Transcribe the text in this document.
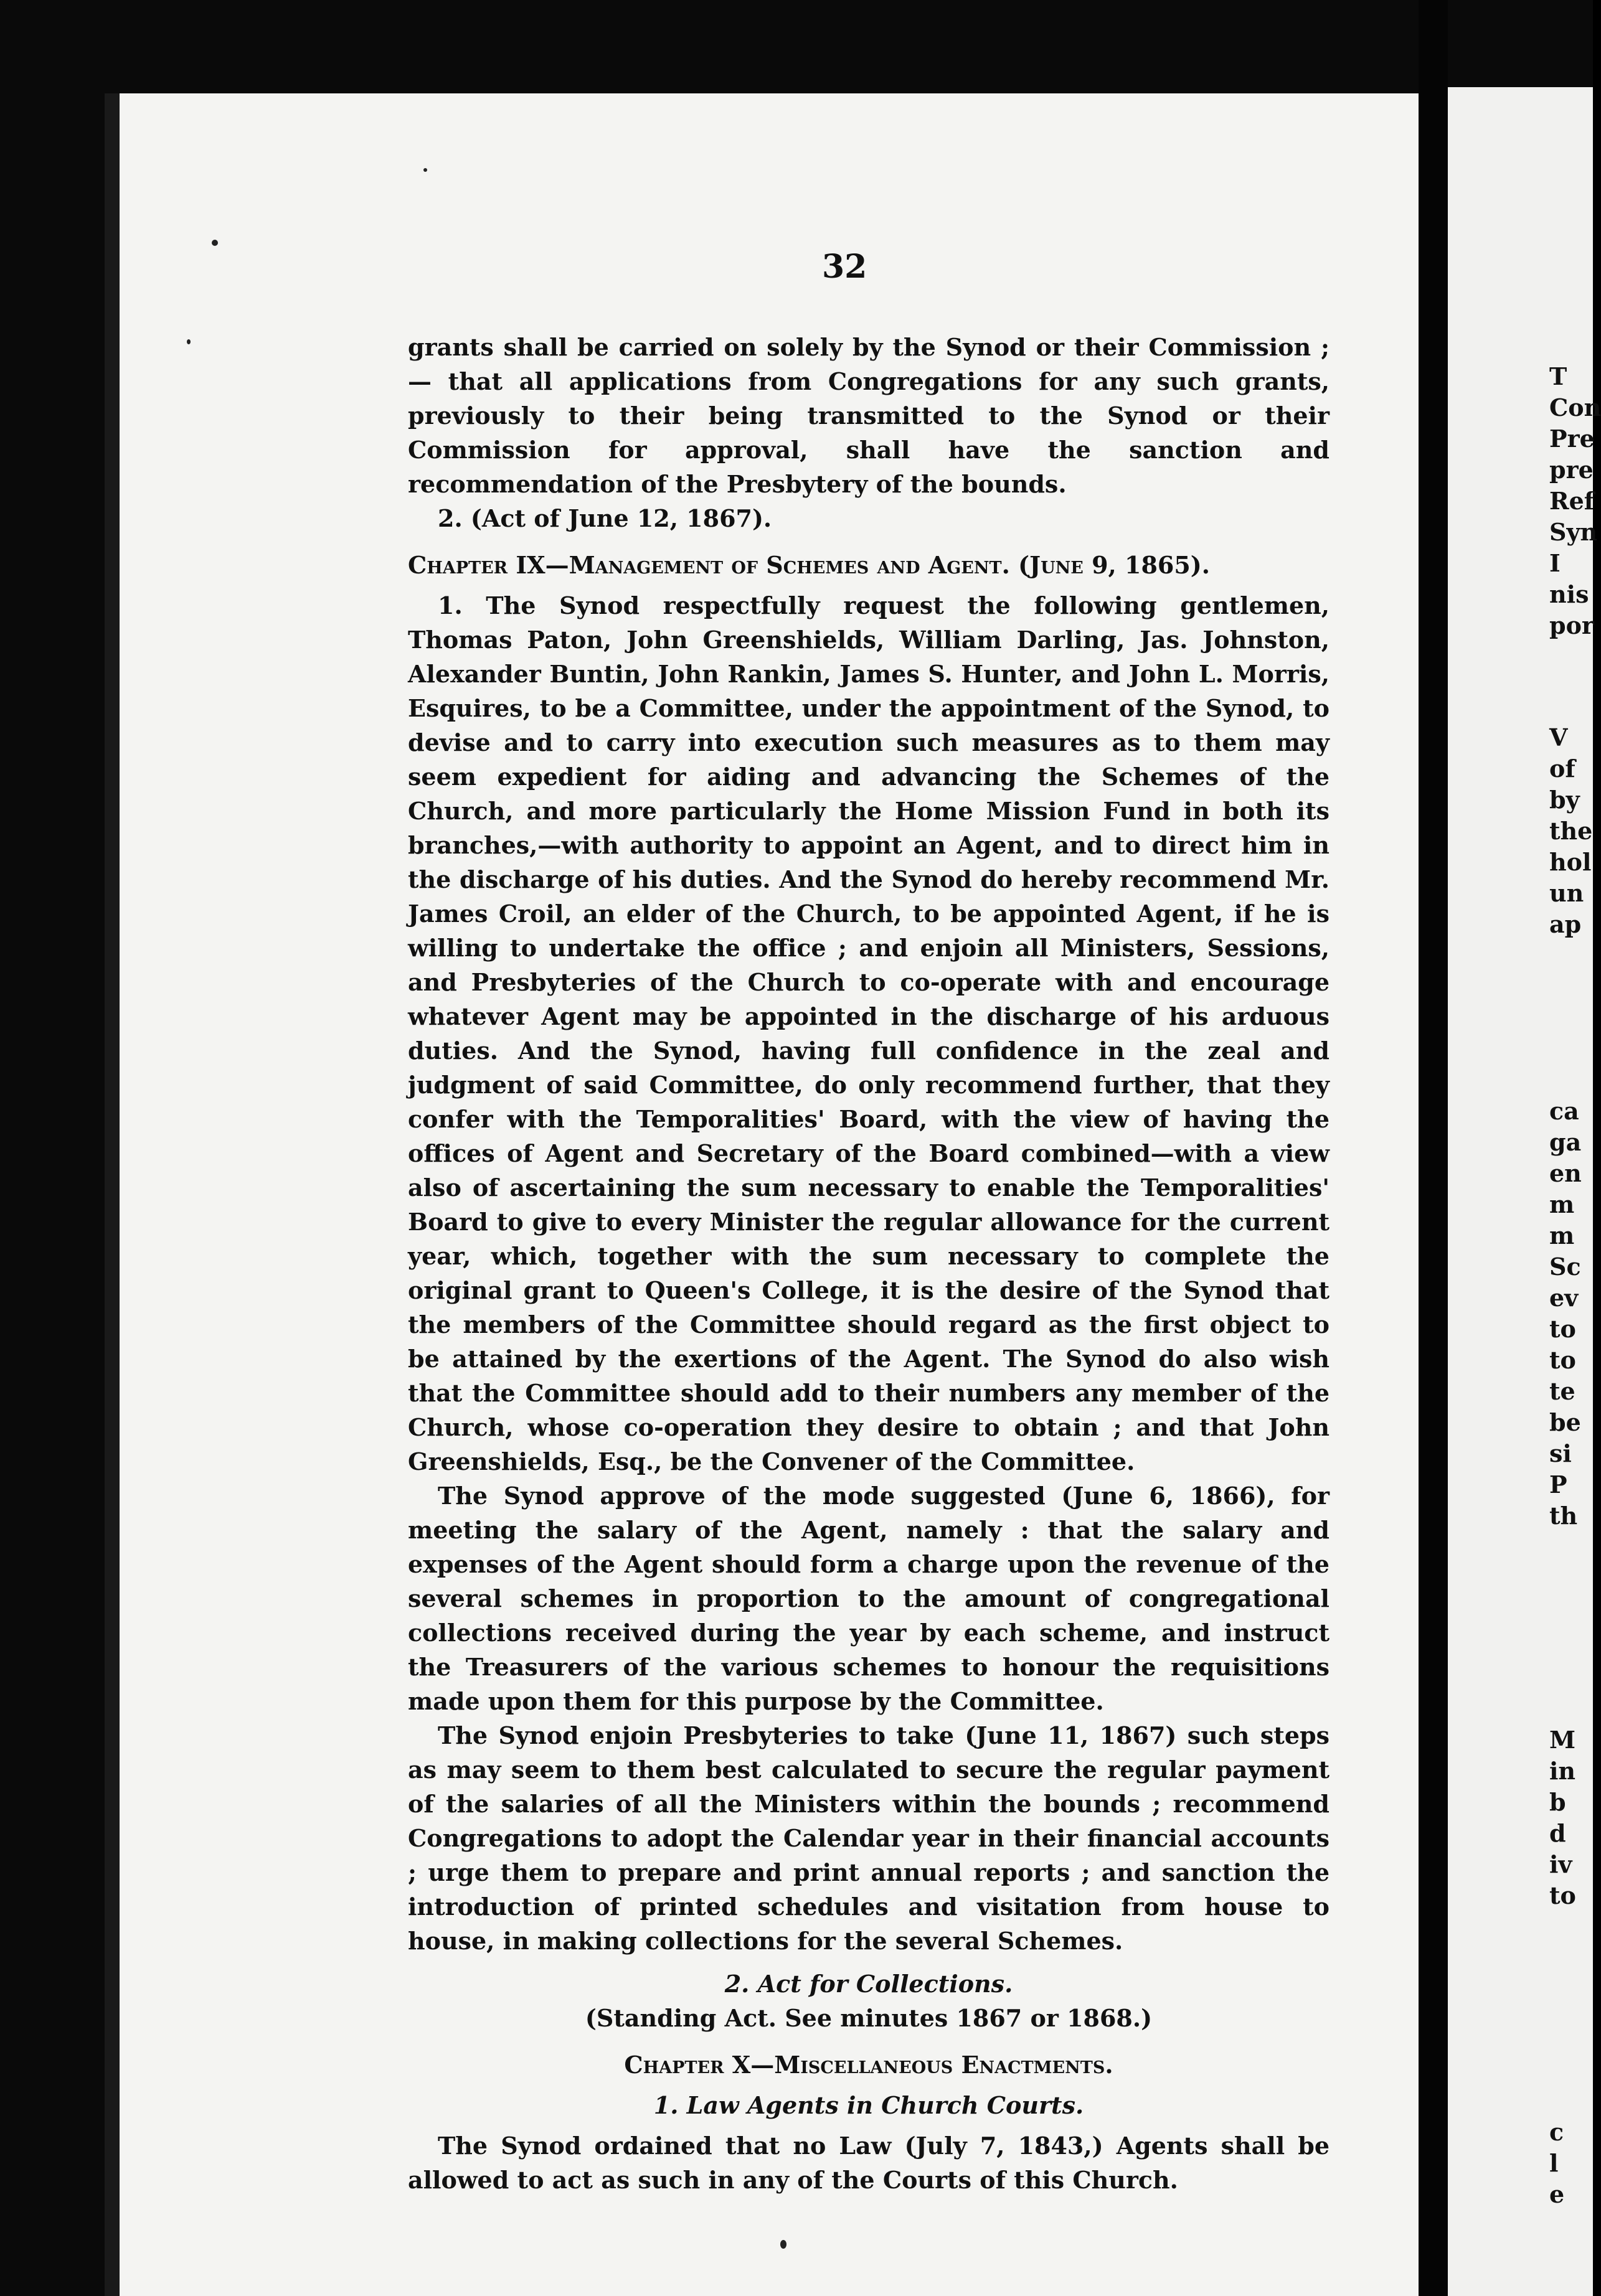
32

grants shall be carried on solely by the Synod or their Commission ;— that all applications from Congregations for any such grants, previously to their being transmitted to the Synod or their Commission for approval, shall have the sanction and recommendation of the Presbytery of the bounds.

2. (Act of June 12, 1867).

Chapter IX—Management of Schemes and Agent. (June 9, 1865).

1. The Synod respectfully request the following gentlemen, Thomas Paton, John Greenshields, William Darling, Jas. Johnston, Alexander Buntin, John Rankin, James S. Hunter, and John L. Morris, Esquires, to be a Committee, under the appointment of the Synod, to devise and to carry into execution such measures as to them may seem expedient for aiding and advancing the Schemes of the Church, and more particularly the Home Mission Fund in both its branches,—with authority to appoint an Agent, and to direct him in the discharge of his duties. And the Synod do hereby recommend Mr. James Croil, an elder of the Church, to be appointed Agent, if he is willing to undertake the office ; and enjoin all Ministers, Sessions, and Presbyteries of the Church to co-operate with and encourage whatever Agent may be appointed in the discharge of his arduous duties. And the Synod, having full confidence in the zeal and judgment of said Committee, do only recommend further, that they confer with the Temporalities' Board, with the view of having the offices of Agent and Secretary of the Board combined—with a view also of ascertaining the sum necessary to enable the Temporalities' Board to give to every Minister the regular allowance for the current year, which, together with the sum necessary to complete the original grant to Queen's College, it is the desire of the Synod that the members of the Committee should regard as the first object to be attained by the exertions of the Agent. The Synod do also wish that the Committee should add to their numbers any member of the Church, whose co-operation they desire to obtain ; and that John Greenshields, Esq., be the Convener of the Committee.

The Synod approve of the mode suggested (June 6, 1866), for meeting the salary of the Agent, namely : that the salary and expenses of the Agent should form a charge upon the revenue of the several schemes in proportion to the amount of congregational collections received during the year by each scheme, and instruct the Treasurers of the various schemes to honour the requisitions made upon them for this purpose by the Committee.

The Synod enjoin Presbyteries to take (June 11, 1867) such steps as may seem to them best calculated to secure the regular payment of the salaries of all the Ministers within the bounds ; recommend Congregations to adopt the Calendar year in their financial accounts ; urge them to prepare and print annual reports ; and sanction the introduction of printed schedules and visitation from house to house, in making collections for the several Schemes.

2. Act for Collections.

(Standing Act. See minutes 1867 or 1868.)

Chapter X—Miscellaneous Enactments.

1. Law Agents in Church Courts.

The Synod ordained that no Law (July 7, 1843,) Agents shall be allowed to act as such in any of the Courts of this Church.

T
Con
Pre
pre
Ref
Syn
I
nis
por
V
of
by
the
hol
un
ap
ca
ga
en
m
m
Sc
ev
to
to
te
be
si
P
th
M
in
b
d
iv
to
c
l
e
